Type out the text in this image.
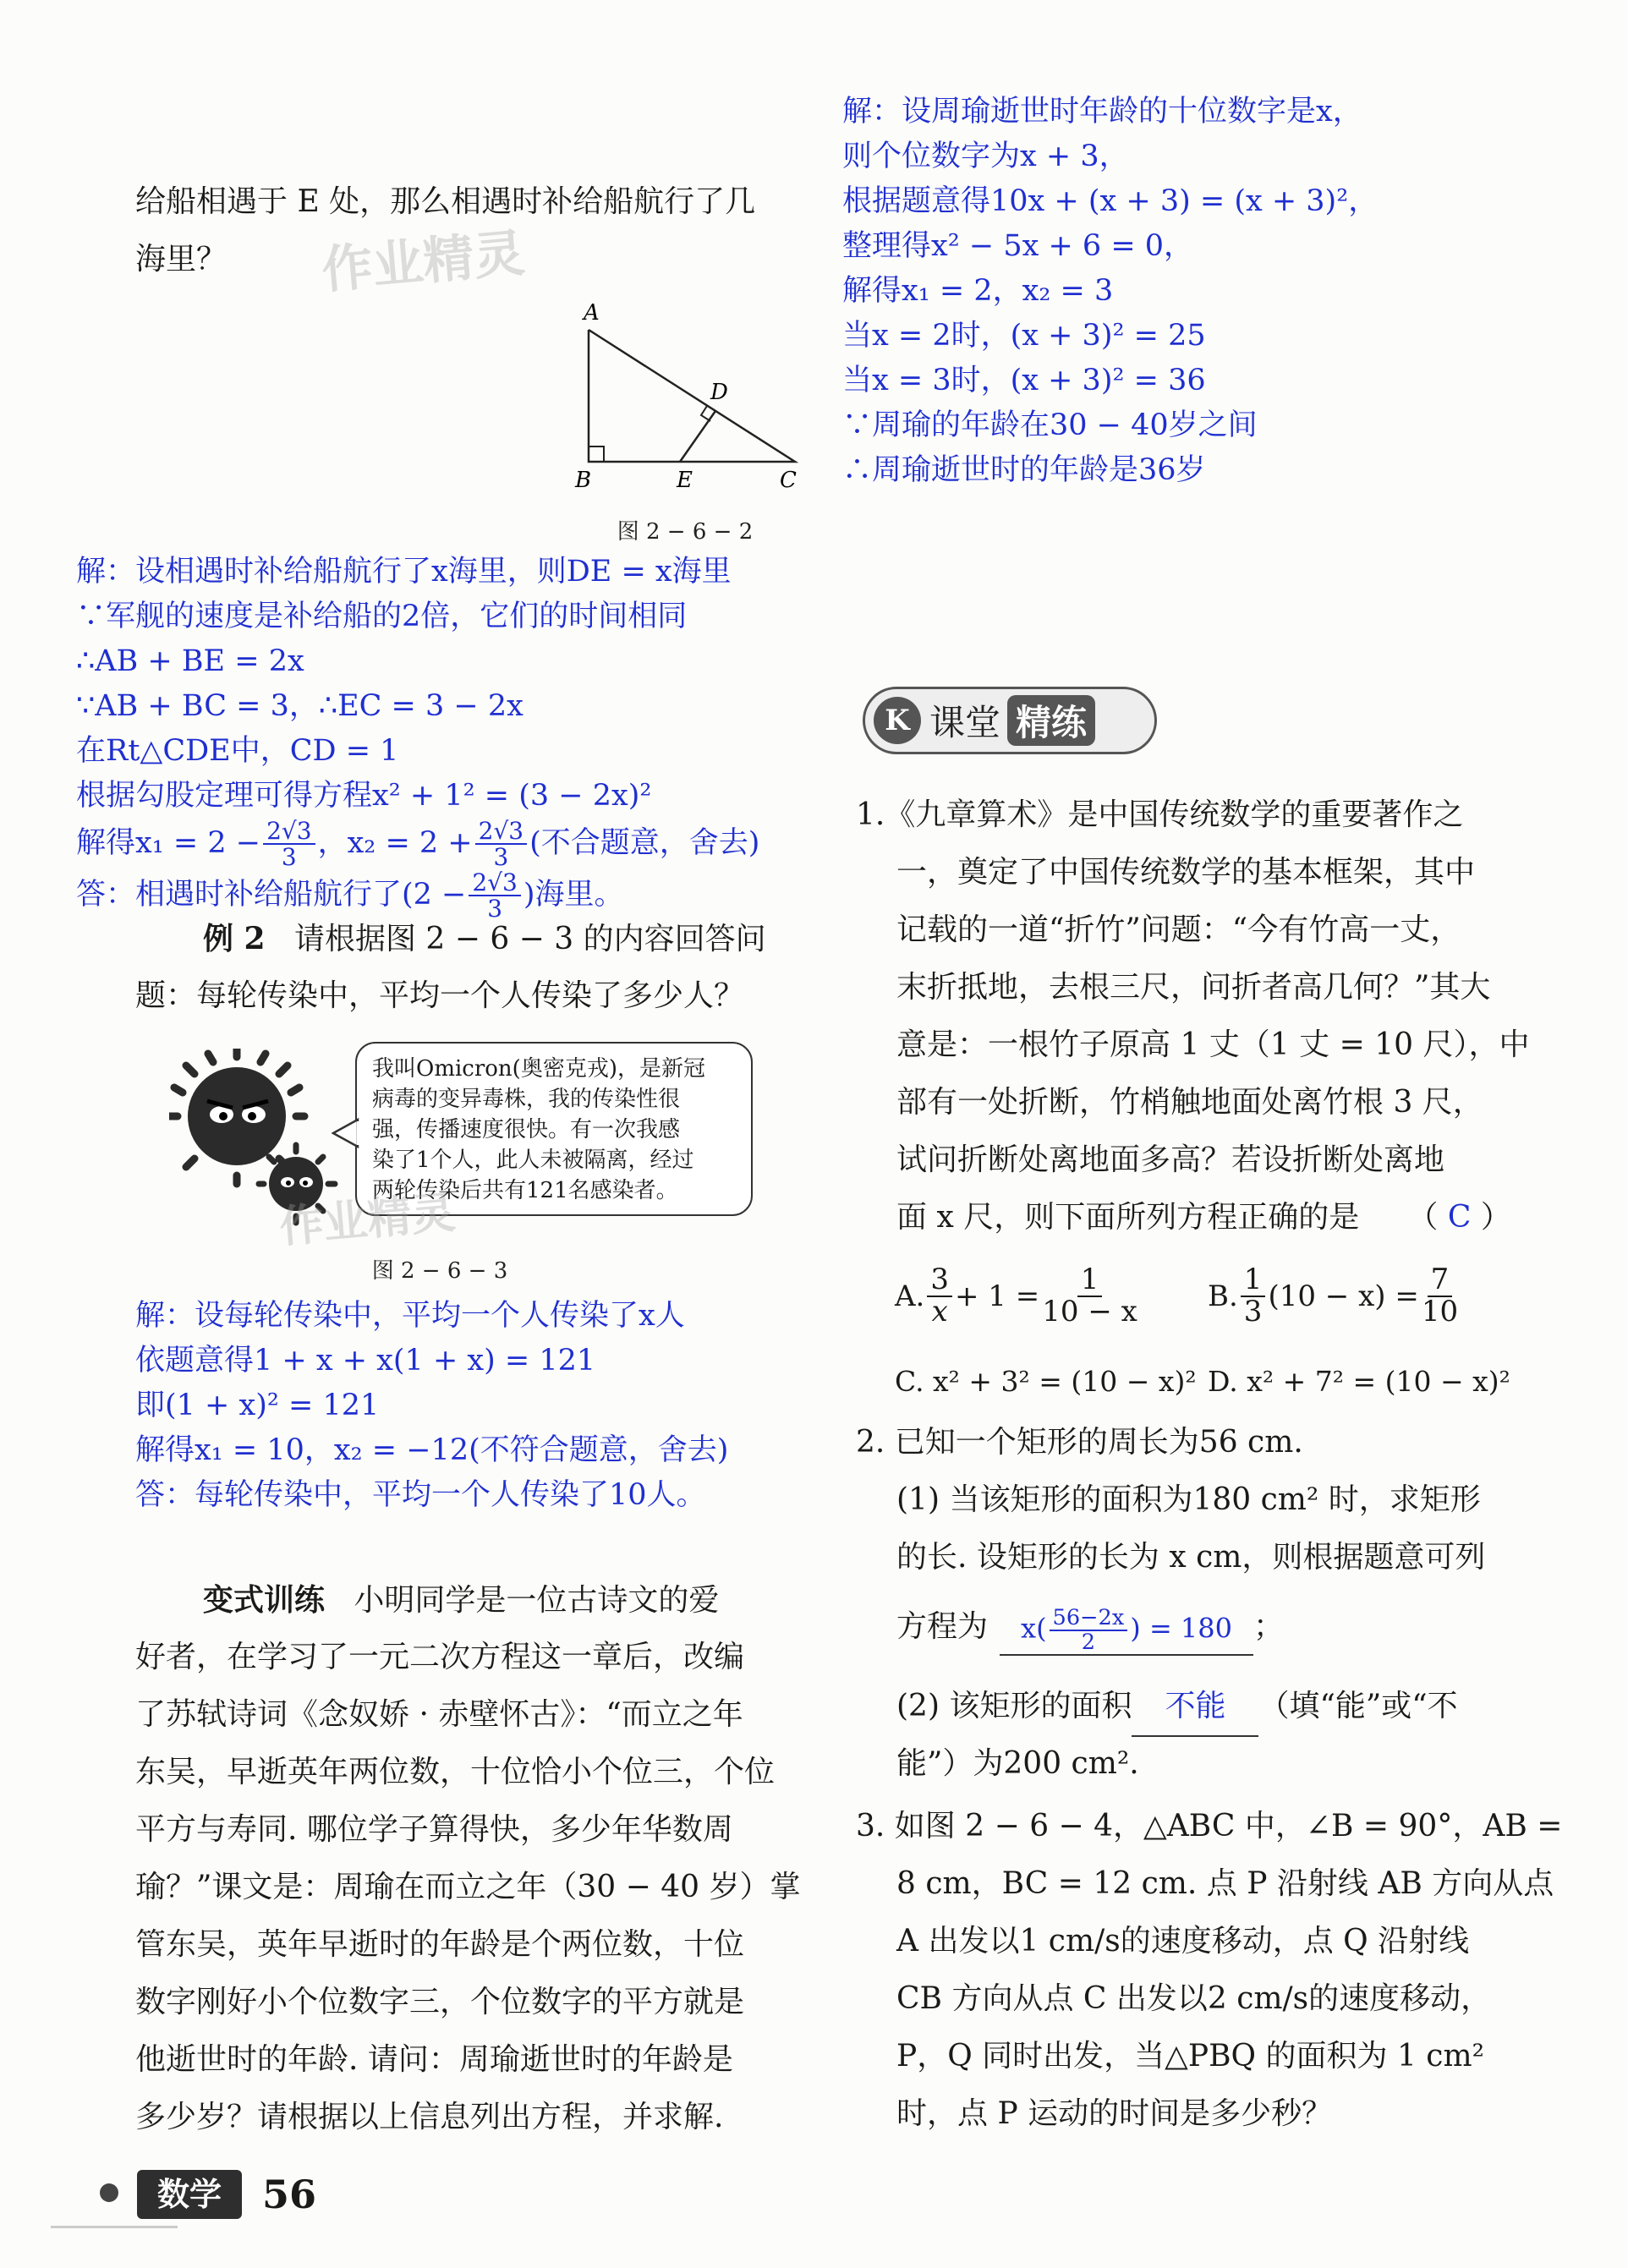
给船相遇于 E 处，那么相遇时补给船航行了几
海里？ 作业精灵
A
B	E	C
D
图 2 − 6 − 2
解：设相遇时补给船航行了x海里，则DE = x海里
∵军舰的速度是补给船的2倍，它们的时间相同
∴AB + BE = 2x
∵AB + BC = 3，∴EC = 3 − 2x
在Rt△CDE中，CD = 1
根据勾股定理可得方程x² + 1² = (3 − 2x)²
解得$x_1 = 2 - \frac{2√3}{3}$ ，$x_2 = 2 + \frac{2√3}{3}$ (不合题意，舍去)
答：相遇时补给船航行了($2 - \frac{2√3}{3}$ )海里。
例 2 请根据图 2 − 6 − 3 的内容回答问
题：每轮传染中，平均一个人传染了多少人？
我叫Omicron(奥密克戎)，是新冠
病毒的变异毒株，我的传染性很
强，传播速度很快。有一次我感
染了1个人，此人未被隔离，经过
两轮传染后共有121名感染者。
作业精灵
图 2 − 6 − 3
解：设每轮传染中，平均一个人传染了x人
依题意得1 + x + x(1 + x) = 121
即(1 + x)² = 121
解得x₁ = 10，x₂ = −12(不符合题意，舍去)
答：每轮传染中，平均一个人传染了10人。
变式训练 小明同学是一位古诗文的爱
好者，在学习了一元二次方程这一章后，改编
了苏轼诗词《念奴娇 · 赤壁怀古》：“而立之年
东吴，早逝英年两位数，十位恰小个位三，个位
平方与寿同. 哪位学子算得快，多少年华数周
瑜？”课文是：周瑜在而立之年（30 − 40 岁）掌
管东吴，英年早逝时的年龄是个两位数，十位
数字刚好小个位数字三，个位数字的平方就是
他逝世时的年龄. 请问：周瑜逝世时的年龄是
多少岁？请根据以上信息列出方程，并求解.
数学	56
解：设周瑜逝世时年龄的十位数字是x，
则个位数字为x + 3，
根据题意得10x + (x + 3) = (x + 3)²，
整理得x² − 5x + 6 = 0，
解得x₁ = 2，x₂ = 3
当x = 2时，(x + 3)² = 25
当x = 3时，(x + 3)² = 36
∵周瑜的年龄在30 − 40岁之间
∴周瑜逝世时的年龄是36岁
K 课堂 精练
1.《九章算术》是中国传统数学的重要著作之
一，奠定了中国传统数学的基本框架，其中
记载的一道“折竹”问题：“今有竹高一丈，
末折抵地，去根三尺，问折者高几何？”其大
意是：一根竹子原高 1 丈（1 丈 = 10 尺），中
部有一处折断，竹梢触地面处离竹根 3 尺，
试问折断处离地面多高？若设折断处离地
面 x 尺，则下面所列方程正确的是     （ C ）
A. $\frac{3}{x} + 1 = \frac{1}{10 - x} B$. $\frac{1}{3} (10 - x) = \frac{7}{10}$
C. x² + 3² = (10 − x)² D. x² + 7² = (10 − x)²
2. 已知一个矩形的周长为56 cm.
(1) 当该矩形的面积为180 cm² 时，求矩形
的长. 设矩形的长为 x cm，则根据题意可列
方程为	$x( \frac{56-2x}{2}$ ) = 180 ；
(2) 该矩形的面积 不能 （填“能”或“不
能”）为200 cm².
3. 如图 2 − 6 − 4，△ABC 中，∠B = 90°，AB =
8 cm，BC = 12 cm. 点 P 沿射线 AB 方向从点
A 出发以1 cm/s的速度移动，点 Q 沿射线
CB 方向从点 C 出发以2 cm/s的速度移动，
P，Q 同时出发，当△PBQ 的面积为 1 cm²
时，点 P 运动的时间是多少秒？
